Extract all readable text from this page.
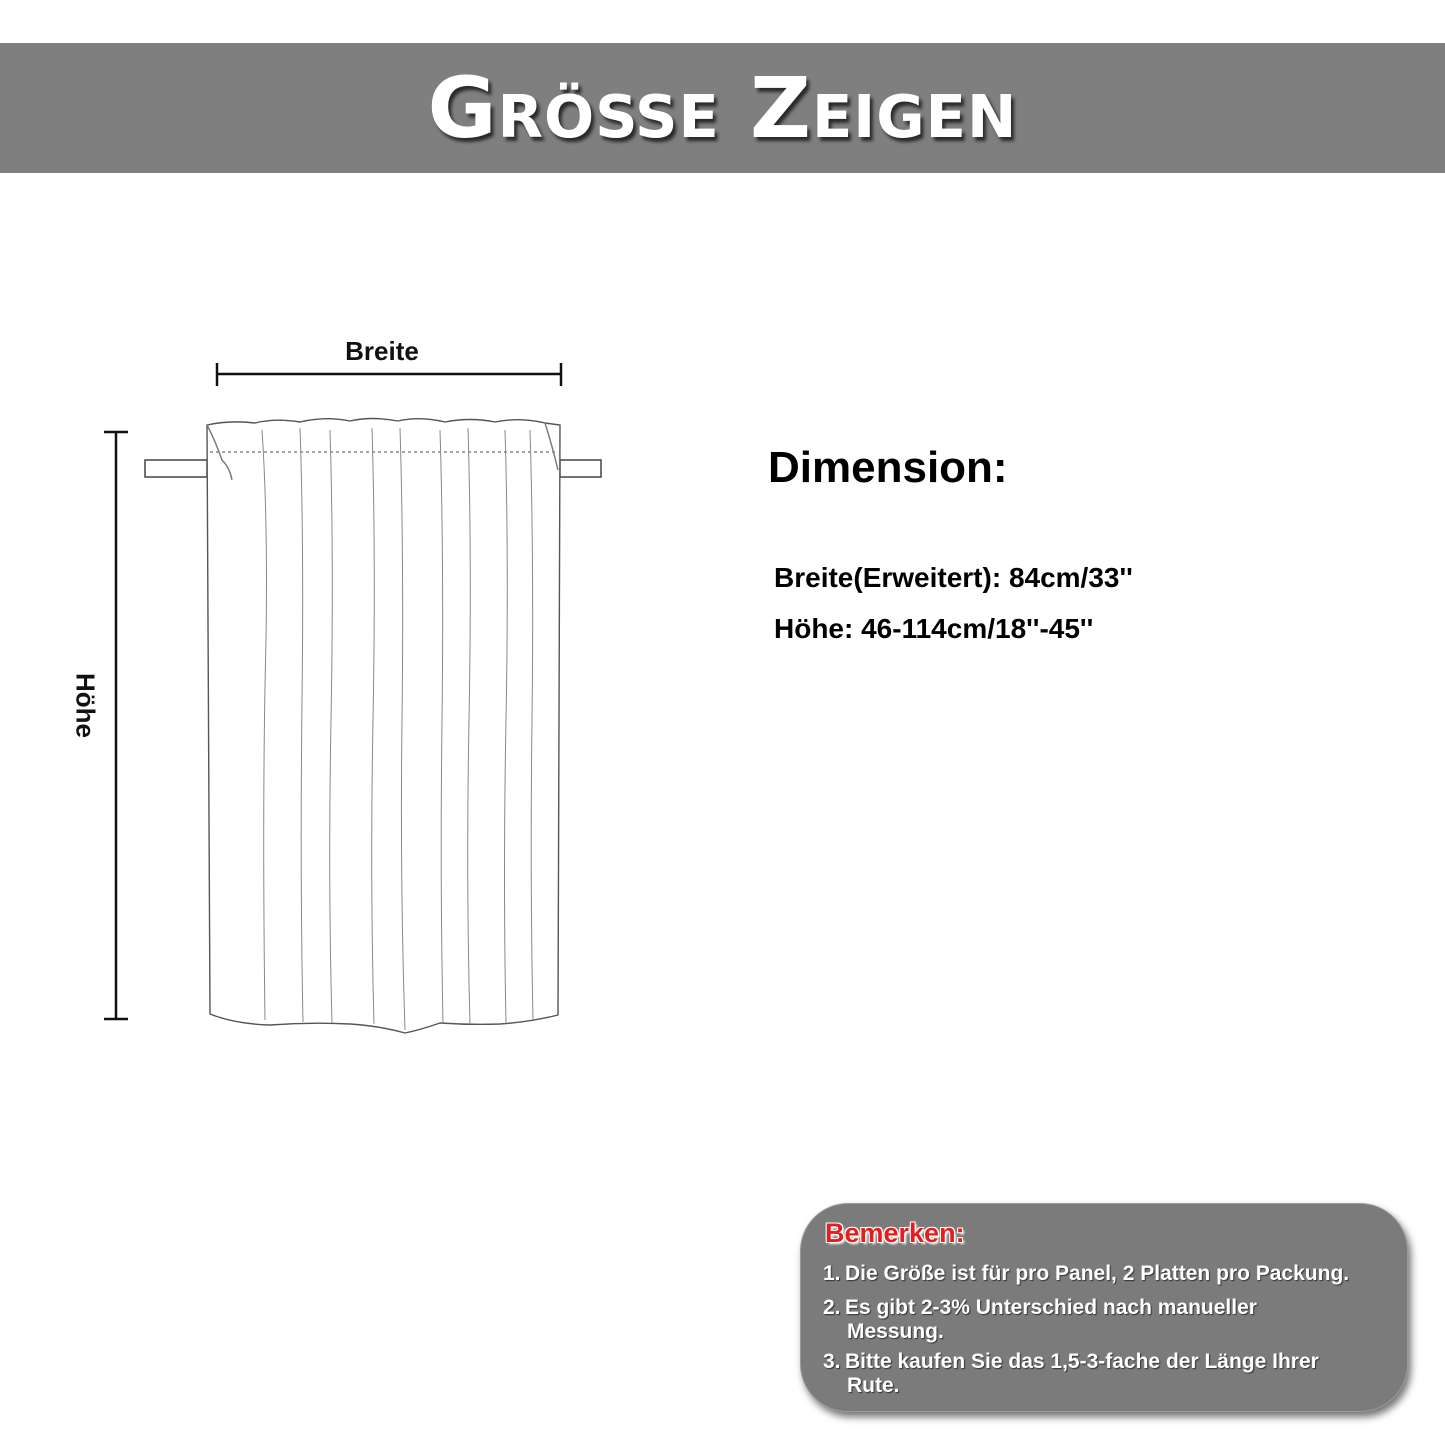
Größe Zeigen
Breite
Höhe
Dimension:
Breite(Erweitert): 84cm/33''
Höhe: 46-114cm/18''-45''
Bemerken:
1. Die Größe ist für pro Panel, 2 Platten pro Packung.
2. Es gibt 2-3% Unterschied nach manueller
Messung.
3. Bitte kaufen Sie das 1,5-3-fache der Länge Ihrer
Rute.
